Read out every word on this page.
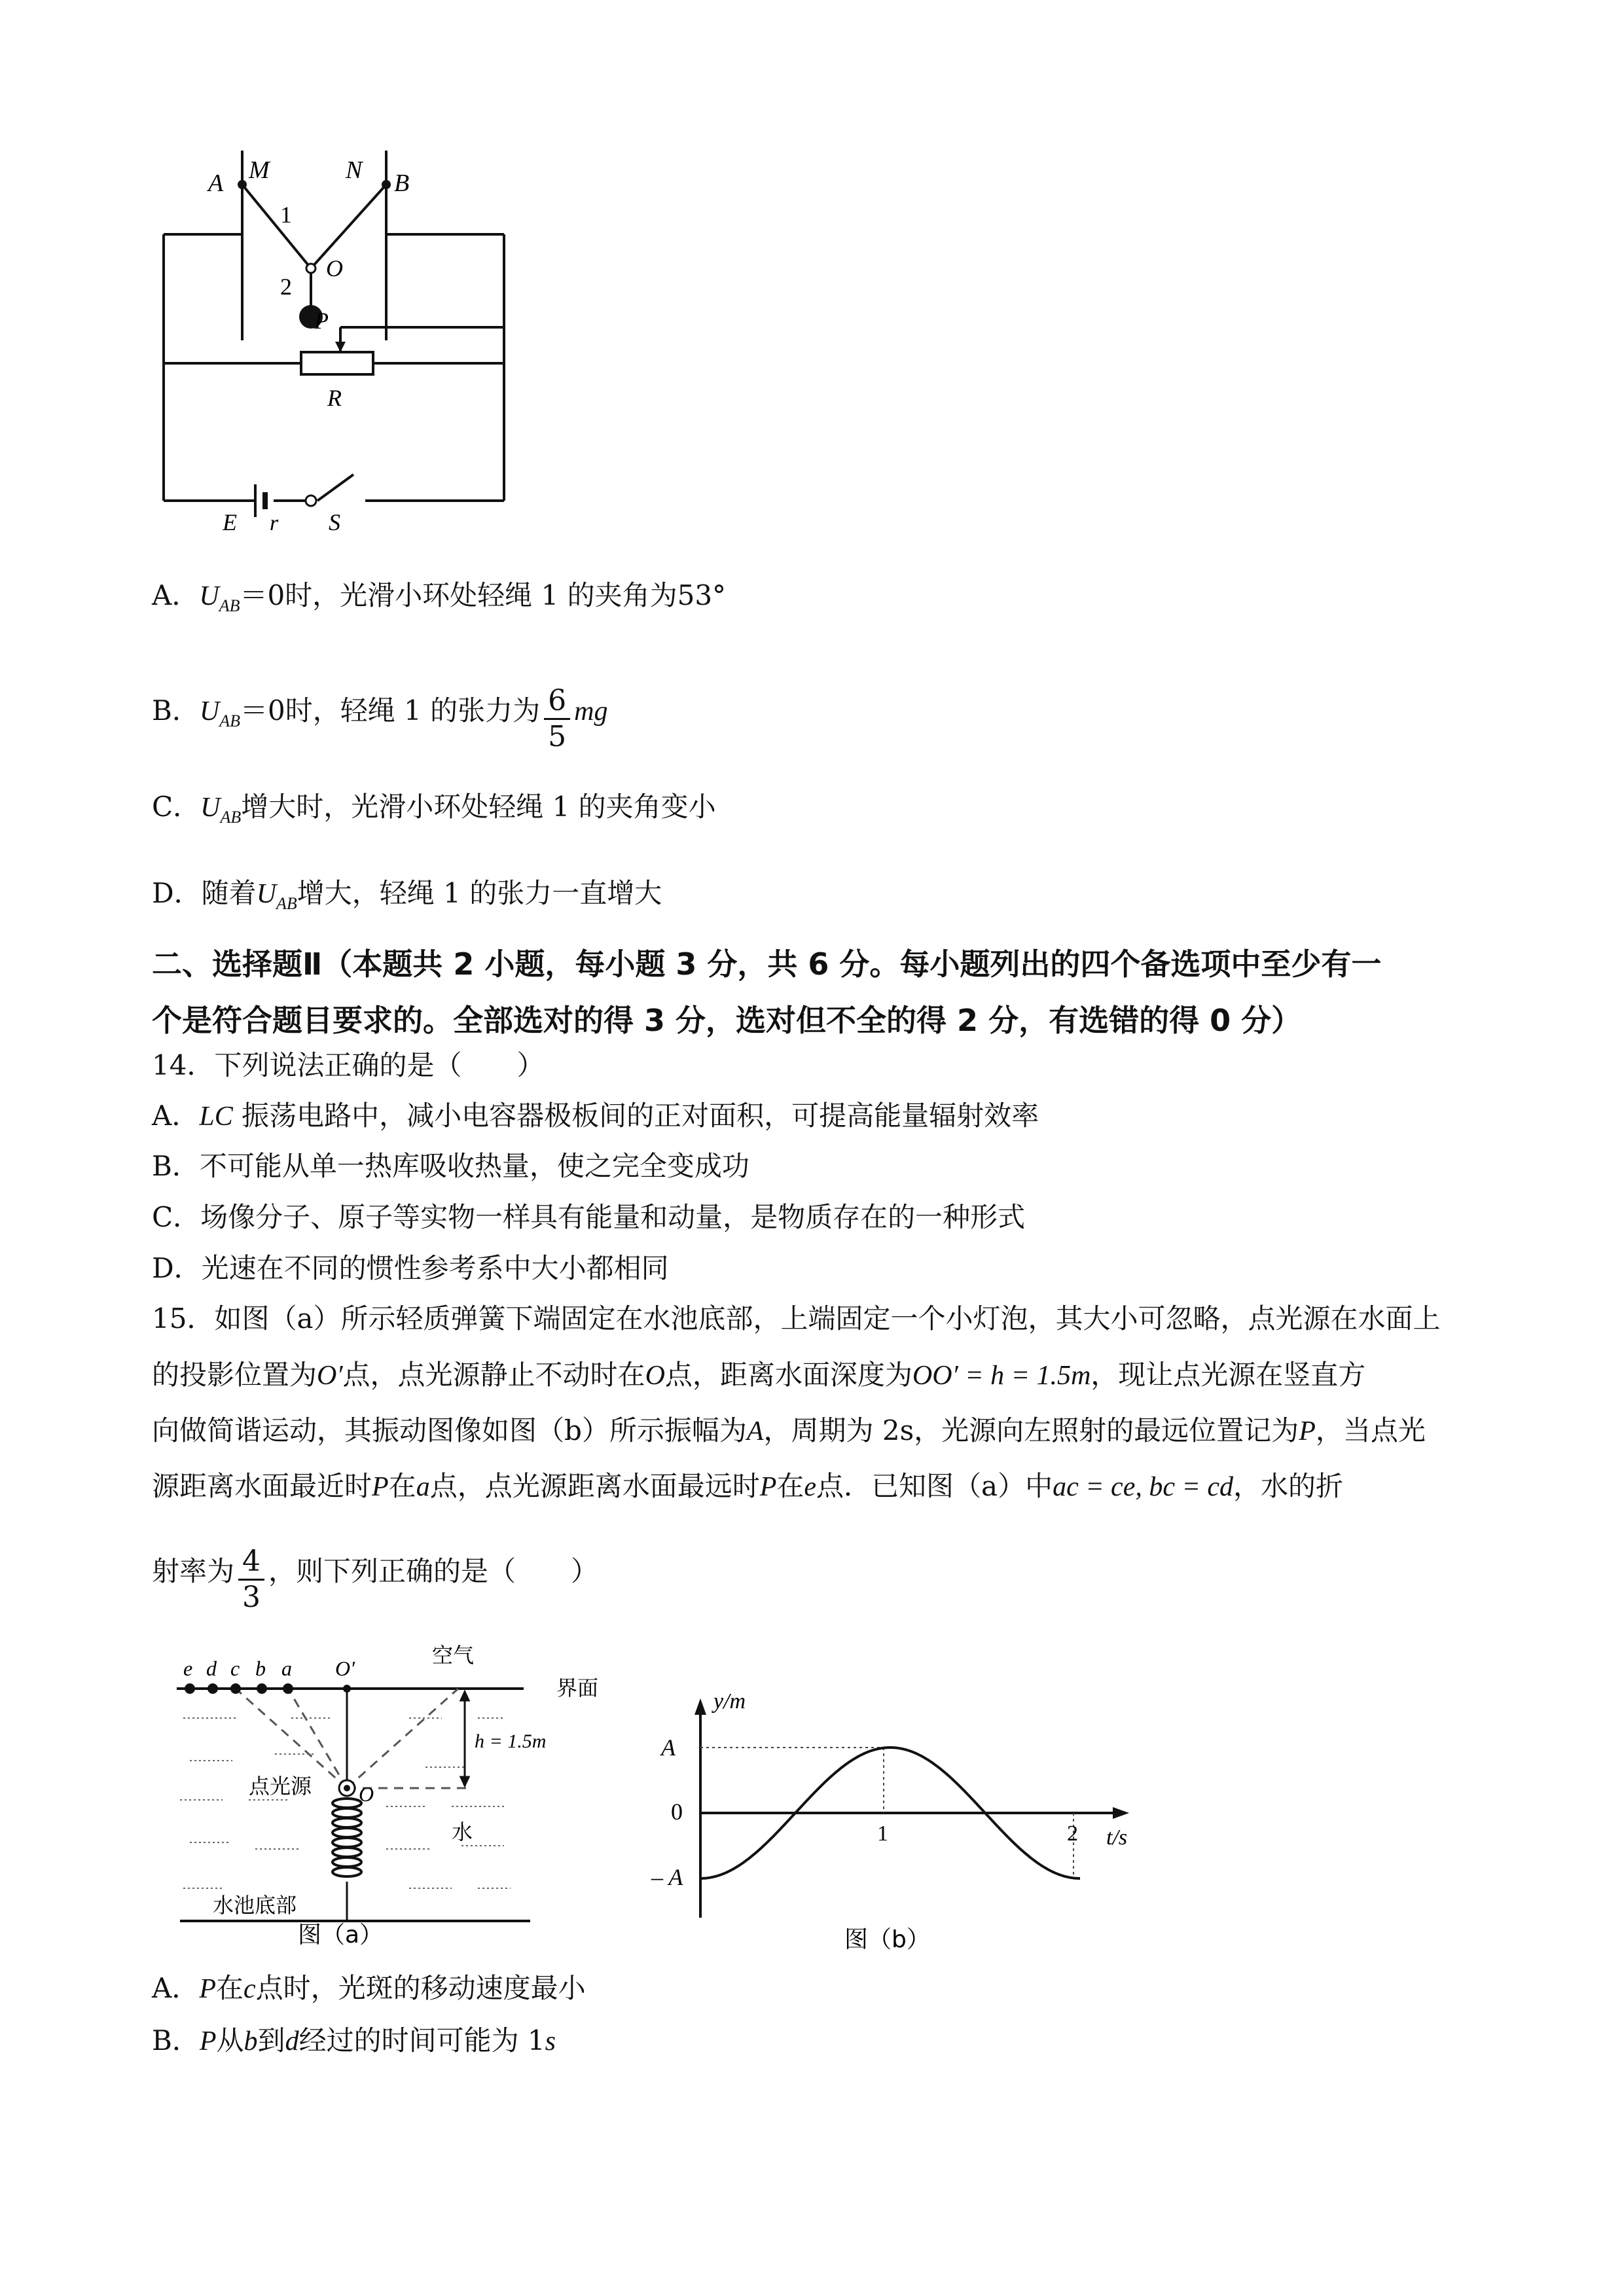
A M	N B
1
O
2
P
R
E r S
A．$U_{AB}=0$时，光滑小环处轻绳 1 的夹角为53°
B．$U_{AB}=0$时，轻绳 1 的张力为 $\frac{6}{5}$ mg
C．$U_{AB}$增大时，光滑小环处轻绳 1 的夹角变小
D．随着$U_{AB}$增大，轻绳 1 的张力一直增大
二、选择题Ⅱ（本题共 2 小题，每小题 3 分，共 6 分。每小题列出的四个备选项中至少有一
个是符合题目要求的。全部选对的得 3 分，选对但不全的得 2 分，有选错的得 0 分）
14．下列说法正确的是（　　）
A．LC 振荡电路中，减小电容器极板间的正对面积，可提高能量辐射效率
B．不可能从单一热库吸收热量，使之完全变成功
C．场像分子、原子等实物一样具有能量和动量，是物质存在的一种形式
D．光速在不同的惯性参考系中大小都相同
15．如图（a）所示轻质弹簧下端固定在水池底部，上端固定一个小灯泡，其大小可忽略，点光源在水面上
的投影位置为O′点，点光源静止不动时在O点，距离水面深度为OO′ = h = 1.5m，现让点光源在竖直方
向做简谐运动，其振动图像如图（b）所示振幅为A，周期为 2s，光源向左照射的最远位置记为P，当点光
源距离水面最近时P在a点，点光源距离水面最远时P在e点．已知图（a）中ac = ce, bc = cd，水的折
射率为 $\frac{4}{3}$ ，则下列正确的是（　　）
e d c b a O′
空气
界面
h = 1.5m
点光源 O
水
水池底部
图（a）
y/m
t/s
A
0
– A
1	2
图（b）
A．P在c点时，光斑的移动速度最小
B．P从b到d经过的时间可能为 1s
